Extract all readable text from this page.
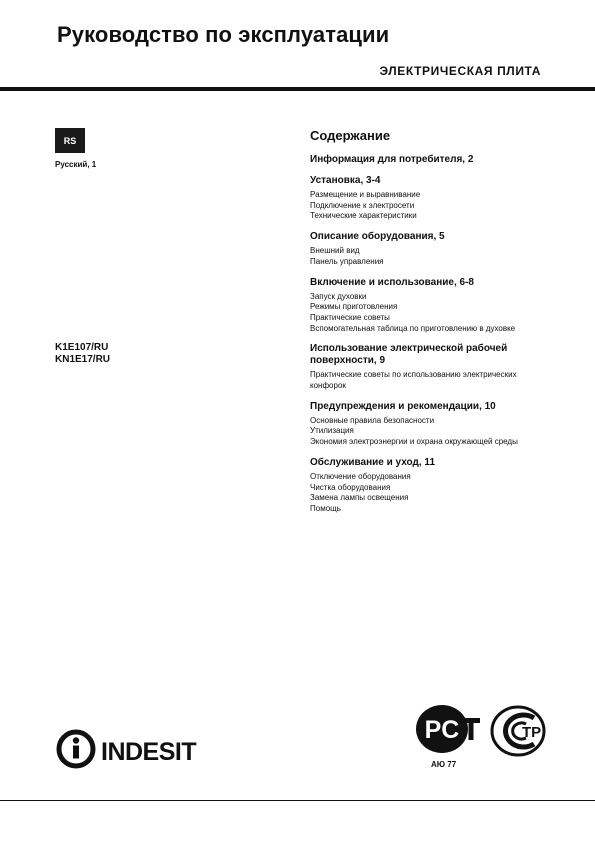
Руководство по эксплуатации
ЭЛЕКТРИЧЕСКАЯ ПЛИТА
RS
Русский, 1
K1E107/RU
KN1E17/RU
Содержание
Информация для потребителя, 2
Установка, 3-4
Размещение и выравнивание
Подключение к электросети
Технические характеристики
Описание оборудования, 5
Внешний вид
Панель управления
Включение и использование, 6-8
Запуск духовки
Режимы приготовления
Практические советы
Вспомогательная таблица по приготовлению в духовке
Использование электрической рабочей поверхности, 9
Практические советы по использованию электрических конфорок
Предупреждения и рекомендации, 10
Основные правила безопасности
Утилизация
Экономия электроэнергии и охрана окружающей среды
Обслуживание и уход, 11
Отключение оборудования
Чистка оборудования
Замена лампы освещения
Помощь
INDESIT
PC	ТР
АЮ 77
